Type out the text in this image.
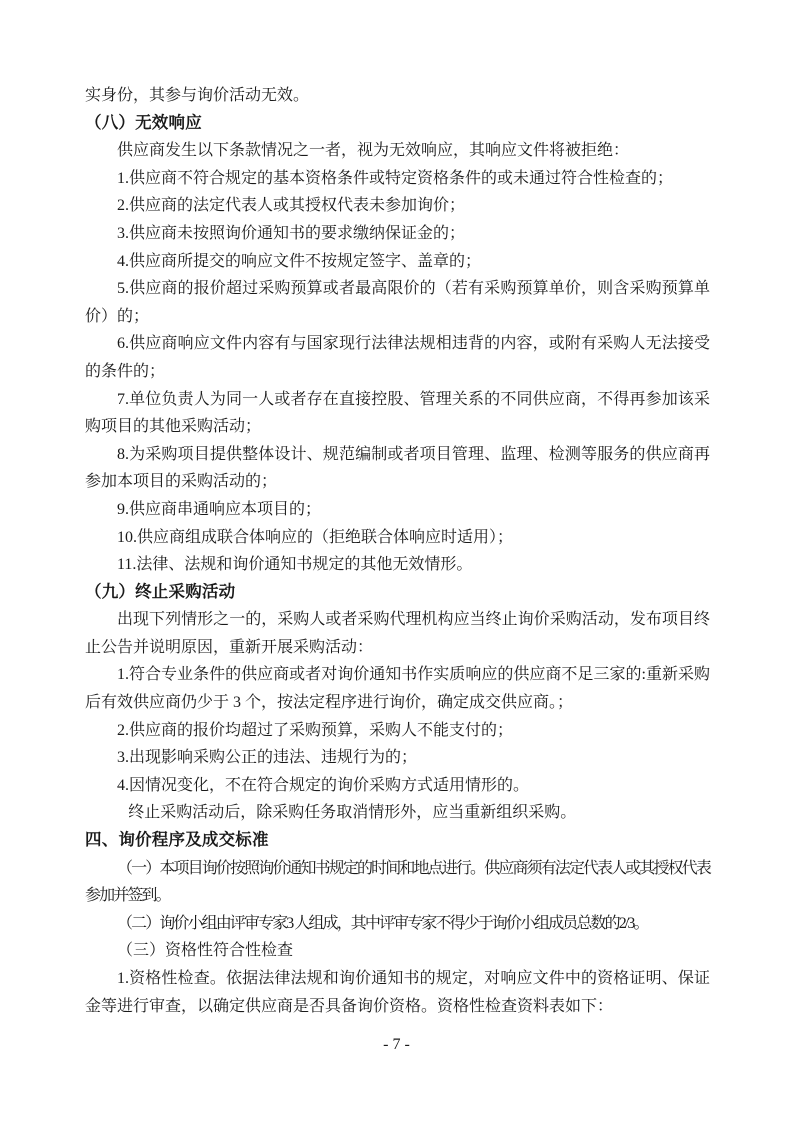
实身份，其参与询价活动无效。

（八）无效响应

供应商发生以下条款情况之一者，视为无效响应，其响应文件将被拒绝：

1.供应商不符合规定的基本资格条件或特定资格条件的或未通过符合性检查的；

2.供应商的法定代表人或其授权代表未参加询价；

3.供应商未按照询价通知书的要求缴纳保证金的；

4.供应商所提交的响应文件不按规定签字、盖章的；

5.供应商的报价超过采购预算或者最高限价的（若有采购预算单价，则含采购预算单价）的；

6.供应商响应文件内容有与国家现行法律法规相违背的内容，或附有采购人无法接受的条件的；

7.单位负责人为同一人或者存在直接控股、管理关系的不同供应商，不得再参加该采购项目的其他采购活动；

8.为采购项目提供整体设计、规范编制或者项目管理、监理、检测等服务的供应商再参加本项目的采购活动的；

9.供应商串通响应本项目的；

10.供应商组成联合体响应的（拒绝联合体响应时适用）；

11.法律、法规和询价通知书规定的其他无效情形。

（九）终止采购活动

出现下列情形之一的，采购人或者采购代理机构应当终止询价采购活动，发布项目终止公告并说明原因，重新开展采购活动：

1.符合专业条件的供应商或者对询价通知书作实质响应的供应商不足三家的:重新采购后有效供应商仍少于 3 个，按法定程序进行询价，确定成交供应商。；

2.供应商的报价均超过了采购预算，采购人不能支付的；

3.出现影响采购公正的违法、违规行为的；

4.因情况变化，不在符合规定的询价采购方式适用情形的。

终止采购活动后，除采购任务取消情形外，应当重新组织采购。

四、询价程序及成交标准

（一）本项目询价按照询价通知书规定的时间和地点进行。供应商须有法定代表人或其授权代表参加并签到。

（二）询价小组由评审专家3 人组成，其中评审专家不得少于询价小组成员总数的2/3。

（三）资格性符合性检查

1.资格性检查。依据法律法规和询价通知书的规定，对响应文件中的资格证明、保证金等进行审查，以确定供应商是否具备询价资格。资格性检查资料表如下：

- 7 -
